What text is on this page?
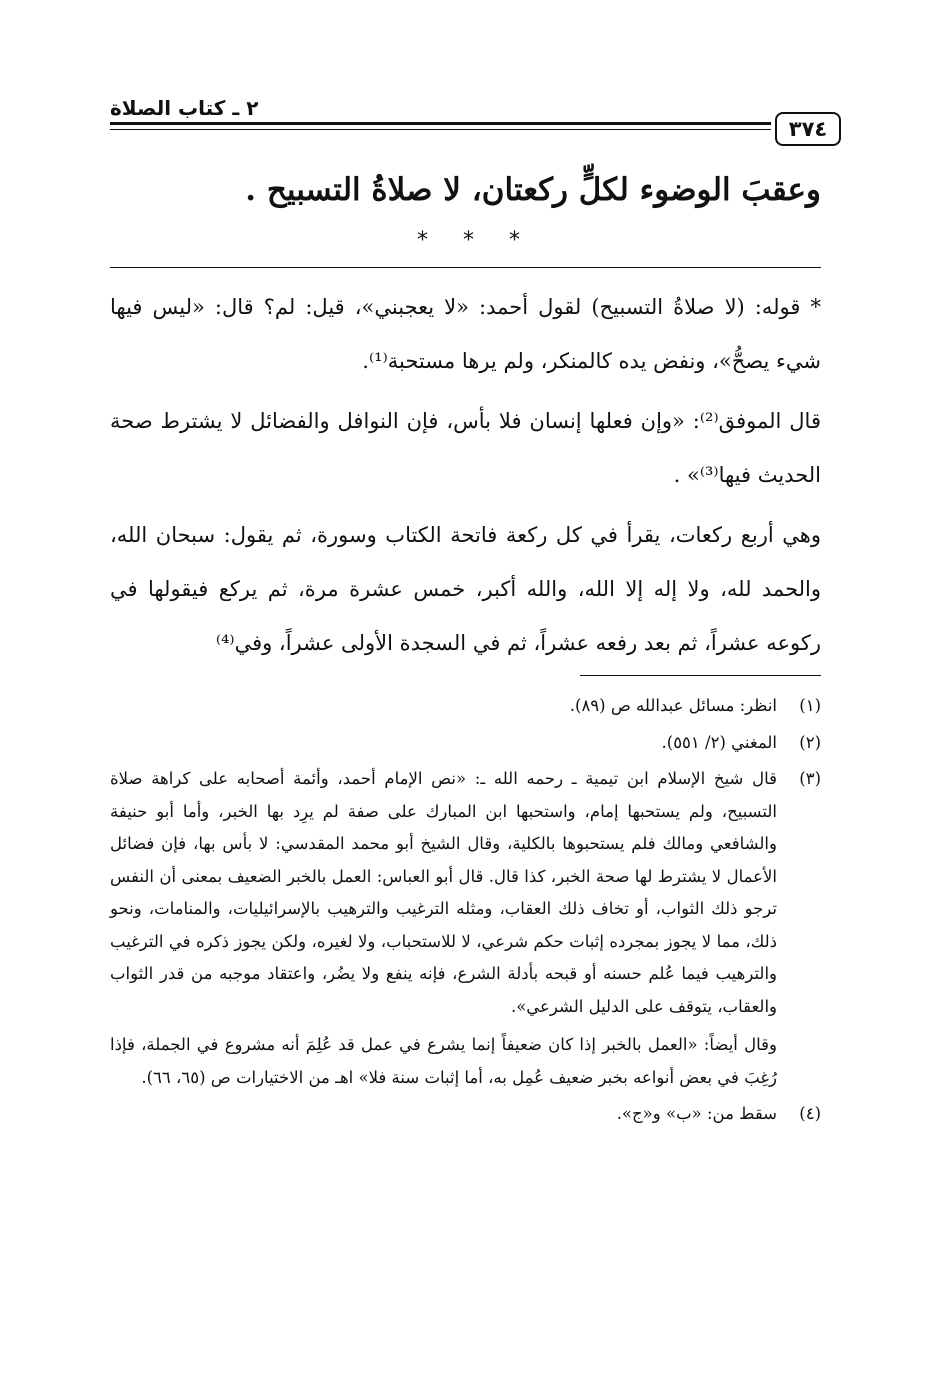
٣٧٤
٢ ـ كتاب الصلاة
وعقبَ الوضوء لكلٍّ ركعتان، لا صلاةُ التسبيح .
* * *

* قوله: (لا صلاةُ التسبيح) لقول أحمد: «لا يعجبني»، قيل: لم؟ قال: «ليس فيها شيء يصحُّ»، ونفض يده كالمنكر، ولم يرها مستحبة⁽¹⁾.

قال الموفق⁽²⁾: «وإن فعلها إنسان فلا بأس، فإن النوافل والفضائل لا يشترط صحة الحديث فيها⁽³⁾» .

وهي أربع ركعات، يقرأ في كل ركعة فاتحة الكتاب وسورة، ثم يقول: سبحان الله، والحمد لله، ولا إله إلا الله، والله أكبر، خمس عشرة مرة، ثم يركع فيقولها في ركوعه عشراً، ثم بعد رفعه عشراً، ثم في السجدة الأولى عشراً، وفي⁽⁴⁾

(١)

انظر: مسائل عبدالله ص (٨٩).

(٢)

المغني (٢/ ٥٥١).

(٣)

قال شيخ الإسلام ابن تيمية ـ رحمه الله ـ: «نص الإمام أحمد، وأئمة أصحابه على كراهة صلاة التسبيح، ولم يستحبها إمام، واستحبها ابن المبارك على صفة لم يرِد بها الخبر، وأما أبو حنيفة والشافعي ومالك فلم يستحبوها بالكلية، وقال الشيخ أبو محمد المقدسي: لا بأس بها، فإن فضائل الأعمال لا يشترط لها صحة الخبر، كذا قال. قال أبو العباس: العمل بالخبر الضعيف بمعنى أن النفس ترجو ذلك الثواب، أو تخاف ذلك العقاب، ومثله الترغيب والترهيب بالإسرائيليات، والمنامات، ونحو ذلك، مما لا يجوز بمجرده إثبات حكم شرعي، لا للاستحباب، ولا لغيره، ولكن يجوز ذكره في الترغيب والترهيب فيما عُلم حسنه أو قبحه بأدلة الشرع، فإنه ينفع ولا يضُر، واعتقاد موجبه من قدر الثواب والعقاب، يتوقف على الدليل الشرعي».

وقال أيضاً: «العمل بالخبر إذا كان ضعيفاً إنما يشرع في عمل قد عُلِمَ أنه مشروع في الجملة، فإذا رُغِبَ في بعض أنواعه بخبر ضعيف عُمِل به، أما إثبات سنة فلا» اهـ من الاختيارات ص (٦٥، ٦٦).

(٤)

سقط من: «ب» و«ج».
